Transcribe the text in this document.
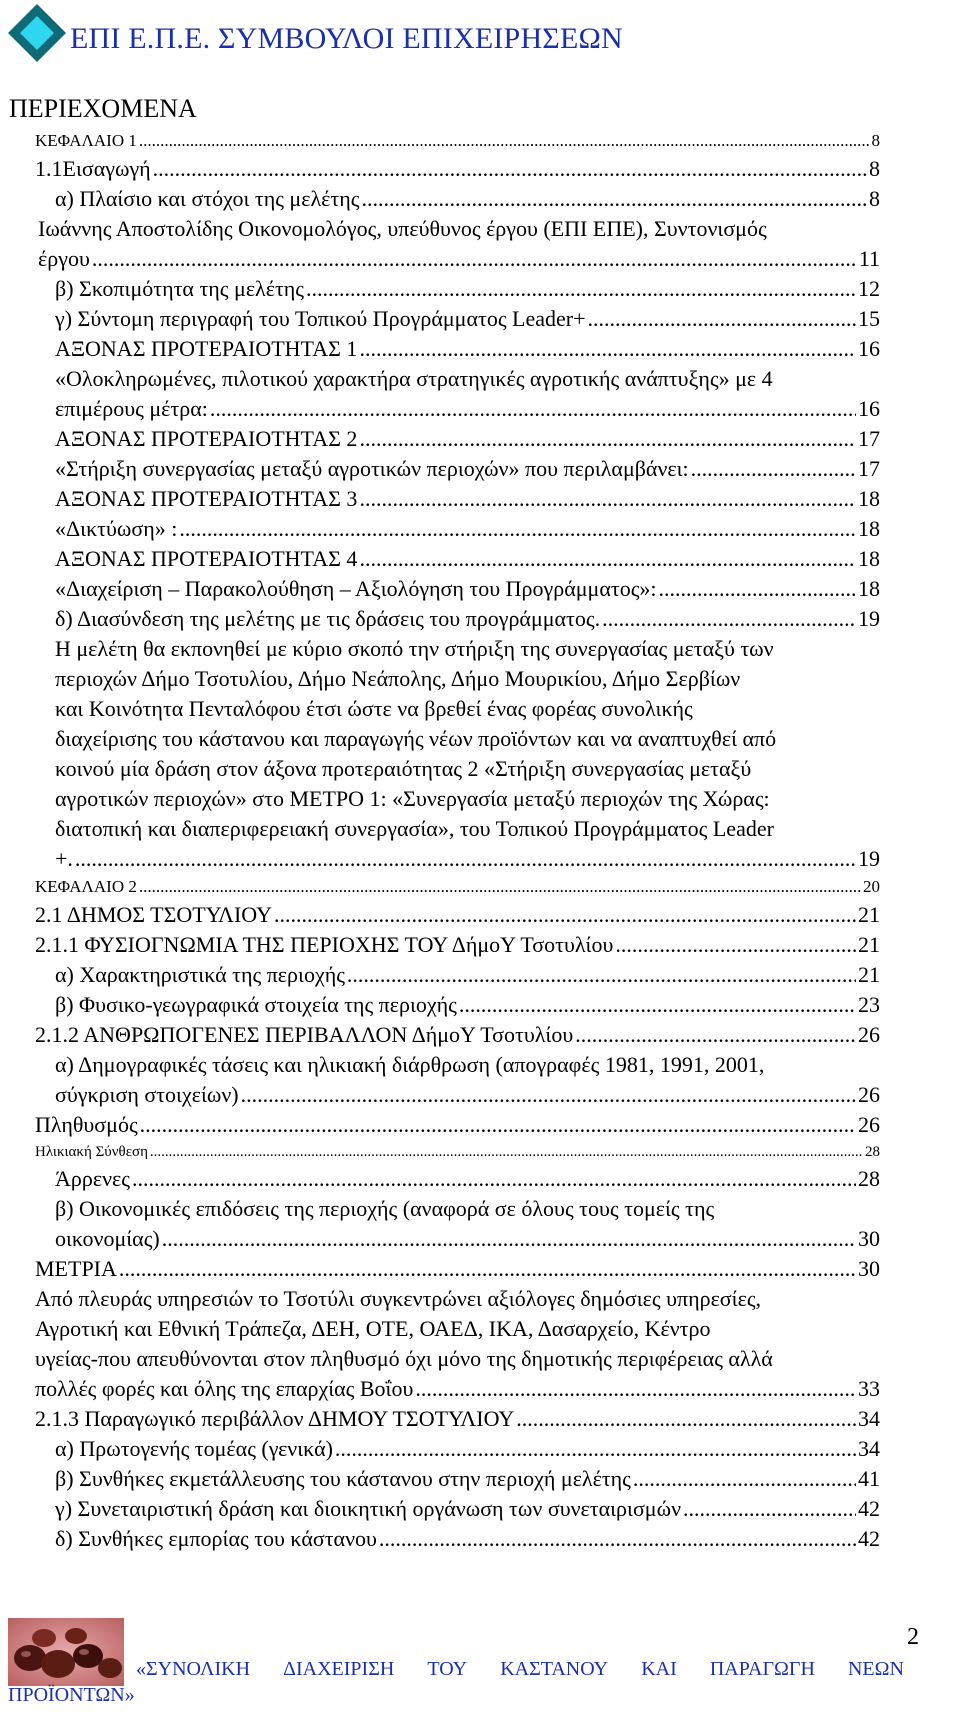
ΕΠΙ Ε.Π.Ε. ΣΥΜΒΟΥΛΟΙ ΕΠΙΧΕΙΡΗΣΕΩΝ
ΠΕΡΙΕΧΟΜΕΝΑ
ΚΕΦΑΛΑΙΟ 1 .....	8
1.1Εισαγωγή .....	8
α) Πλαίσιο και στόχοι της μελέτης .....	8
Ιωάννης Αποστολίδης Οικονομολόγος, υπεύθυνος έργου (ΕΠΙ ΕΠΕ), Συντονισμός
έργου .....	11
β) Σκοπιμότητα της μελέτης .....	12
γ) Σύντομη περιγραφή του Τοπικού Προγράμματος Leader+ .....	15
ΑΞΟΝΑΣ ΠΡΟΤΕΡΑΙΟΤΗΤΑΣ 1 .....	16
«Ολοκληρωμένες, πιλοτικού χαρακτήρα στρατηγικές αγροτικής ανάπτυξης» με 4
επιμέρους μέτρα: .....	16
ΑΞΟΝΑΣ ΠΡΟΤΕΡΑΙΟΤΗΤΑΣ 2 .....	17
«Στήριξη συνεργασίας μεταξύ αγροτικών περιοχών» που περιλαμβάνει: .....	17
ΑΞΟΝΑΣ ΠΡΟΤΕΡΑΙΟΤΗΤΑΣ 3 .....	18
«Δικτύωση» : .....	18
ΑΞΟΝΑΣ ΠΡΟΤΕΡΑΙΟΤΗΤΑΣ 4 .....	18
«Διαχείριση – Παρακολούθηση – Αξιολόγηση του Προγράμματος»: .....	18
δ) Διασύνδεση της μελέτης με τις δράσεις του προγράμματος. .....	19
Η μελέτη θα εκπονηθεί με κύριο σκοπό την στήριξη της συνεργασίας μεταξύ των
περιοχών Δήμο Τσοτυλίου, Δήμο Νεάπολης, Δήμο Μουρικίου, Δήμο Σερβίων
και Κοινότητα Πενταλόφου έτσι ώστε να βρεθεί ένας φορέας συνολικής
διαχείρισης του κάστανου και παραγωγής νέων προϊόντων και να αναπτυχθεί από
κοινού μία δράση στον άξονα προτεραιότητας 2 «Στήριξη συνεργασίας μεταξύ
αγροτικών περιοχών» στο ΜΕΤΡΟ 1: «Συνεργασία μεταξύ περιοχών της Χώρας:
διατοπική και διαπεριφερειακή συνεργασία», του Τοπικού Προγράμματος Leader
+. .....	19
ΚΕΦΑΛΑΙΟ 2 .....	20
2.1 ΔΗΜΟΣ ΤΣΟΤΥΛΙΟΥ .....	21
2.1.1 ΦΥΣΙΟΓΝΩΜΙΑ ΤΗΣ ΠΕΡΙΟΧΗΣ ΤΟΥ ΔήμοΥ Τσοτυλίου .....	21
α) Χαρακτηριστικά της περιοχής .....	21
β) Φυσικο-γεωγραφικά στοιχεία της περιοχής .....	23
2.1.2 ΑΝΘΡΩΠΟΓΕΝΕΣ ΠΕΡΙΒΑΛΛΟΝ ΔήμοΥ Τσοτυλίου .....	26
α) Δημογραφικές τάσεις και ηλικιακή διάρθρωση (απογραφές 1981, 1991, 2001,
σύγκριση στοιχείων) .....	26
Πληθυσμός .....	26
Ηλικιακή Σύνθεση .....	28
Άρρενες .....	28
β) Οικονομικές επιδόσεις της περιοχής (αναφορά σε όλους τους τομείς της
οικονομίας) .....	30
ΜΕΤΡΙΑ .....	30
Από πλευράς υπηρεσιών το Τσοτύλι συγκεντρώνει αξιόλογες δημόσιες υπηρεσίες,
Αγροτική και Εθνική Τράπεζα, ΔΕΗ, ΟΤΕ, ΟΑΕΔ, ΙΚΑ, Δασαρχείο, Κέντρο
υγείας-που απευθύνονται στον πληθυσμό όχι μόνο της δημοτικής περιφέρειας αλλά
πολλές φορές και όλης της επαρχίας Βοΐου .....	33
2.1.3 Παραγωγικό περιβάλλον ΔΗΜΟΥ ΤΣΟΤΥΛΙΟΥ .....	34
α) Πρωτογενής τομέας (γενικά) .....	34
β) Συνθήκες εκμετάλλευσης του κάστανου στην περιοχή μελέτης .....	41
γ) Συνεταιριστική δράση και διοικητική οργάνωση των συνεταιρισμών .....	42
δ) Συνθήκες εμπορίας του κάστανου .....	42
2
«ΣΥΝΟΛΙΚΗ ΔΙΑΧΕΙΡΙΣΗ ΤΟΥ ΚΑΣΤΑΝΟΥ ΚΑΙ ΠΑΡΑΓΩΓΗ ΝΕΩΝ
ΠΡΟΪΟΝΤΩΝ»
